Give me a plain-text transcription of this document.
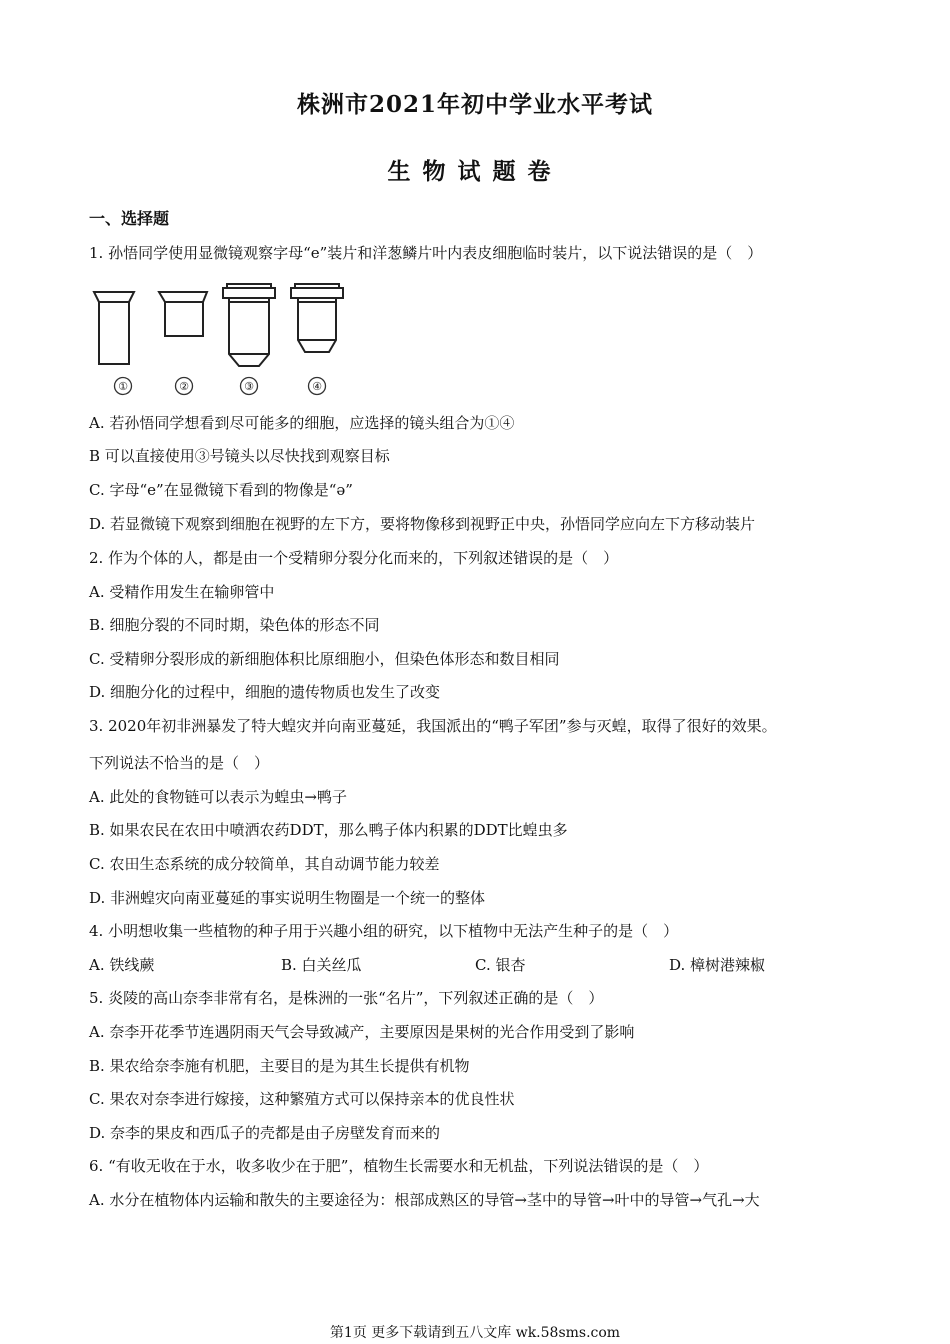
株洲市2021年初中学业水平考试
生物试题卷
一、选择题
1. 孙悟同学使用显微镜观察字母“e”装片和洋葱鳞片叶内表皮细胞临时装片，以下说法错误的是（　）
①	②	③	④
A. 若孙悟同学想看到尽可能多的细胞，应选择的镜头组合为①④
B 可以直接使用③号镜头以尽快找到观察目标
C. 字母“e”在显微镜下看到的物像是“ə”
D. 若显微镜下观察到细胞在视野的左下方，要将物像移到视野正中央，孙悟同学应向左下方移动装片
2. 作为个体的人，都是由一个受精卵分裂分化而来的，下列叙述错误的是（　）
A. 受精作用发生在输卵管中
B. 细胞分裂的不同时期，染色体的形态不同
C. 受精卵分裂形成的新细胞体积比原细胞小，但染色体形态和数目相同
D. 细胞分化的过程中，细胞的遗传物质也发生了改变
3. 2020年初非洲暴发了特大蝗灾并向南亚蔓延，我国派出的“鸭子军团”参与灭蝗，取得了很好的效果。
下列说法不恰当的是（　）
A. 此处的食物链可以表示为蝗虫→鸭子
B. 如果农民在农田中喷洒农药DDT，那么鸭子体内积累的DDT比蝗虫多
C. 农田生态系统的成分较简单，其自动调节能力较差
D. 非洲蝗灾向南亚蔓延的事实说明生物圈是一个统一的整体
4. 小明想收集一些植物的种子用于兴趣小组的研究，以下植物中无法产生种子的是（　）
A. 铁线蕨	B. 白关丝瓜	C. 银杏	D. 樟树港辣椒
5. 炎陵的高山奈李非常有名，是株洲的一张“名片”，下列叙述正确的是（　）
A. 奈李开花季节连遇阴雨天气会导致减产，主要原因是果树的光合作用受到了影响
B. 果农给奈李施有机肥，主要目的是为其生长提供有机物
C. 果农对奈李进行嫁接，这种繁殖方式可以保持亲本的优良性状
D. 奈李的果皮和西瓜子的壳都是由子房壁发育而来的
6. “有收无收在于水，收多收少在于肥”，植物生长需要水和无机盐，下列说法错误的是（　）
A. 水分在植物体内运输和散失的主要途径为：根部成熟区的导管→茎中的导管→叶中的导管→气孔→大
第1页 更多下载请到五八文库 wk.58sms.com
